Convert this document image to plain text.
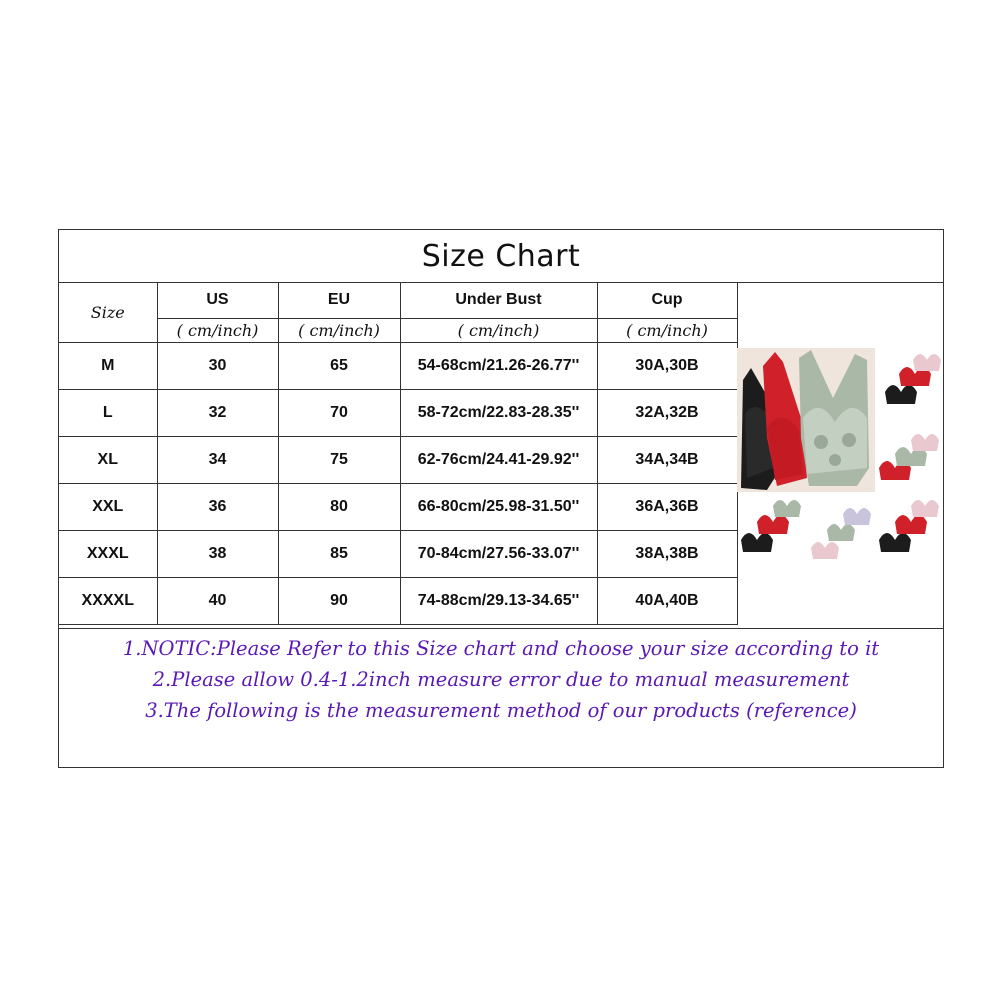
Size Chart
Size	US	EU	Under Bust	Cup
	( cm/inch)	( cm/inch)	( cm/inch)	( cm/inch)
M	30	65	54-68cm/21.26-26.77''	30A,30B
L	32	70	58-72cm/22.83-28.35''	32A,32B
XL	34	75	62-76cm/24.41-29.92''	34A,34B
XXL	36	80	66-80cm/25.98-31.50''	36A,36B
XXXL	38	85	70-84cm/27.56-33.07''	38A,38B
XXXXL	40	90	74-88cm/29.13-34.65''	40A,40B

1.NOTIC:Please Refer to this Size chart and choose your size according to it

2.Please allow 0.4-1.2inch measure error due to manual measurement

3.The following is the measurement method of our products (reference)
